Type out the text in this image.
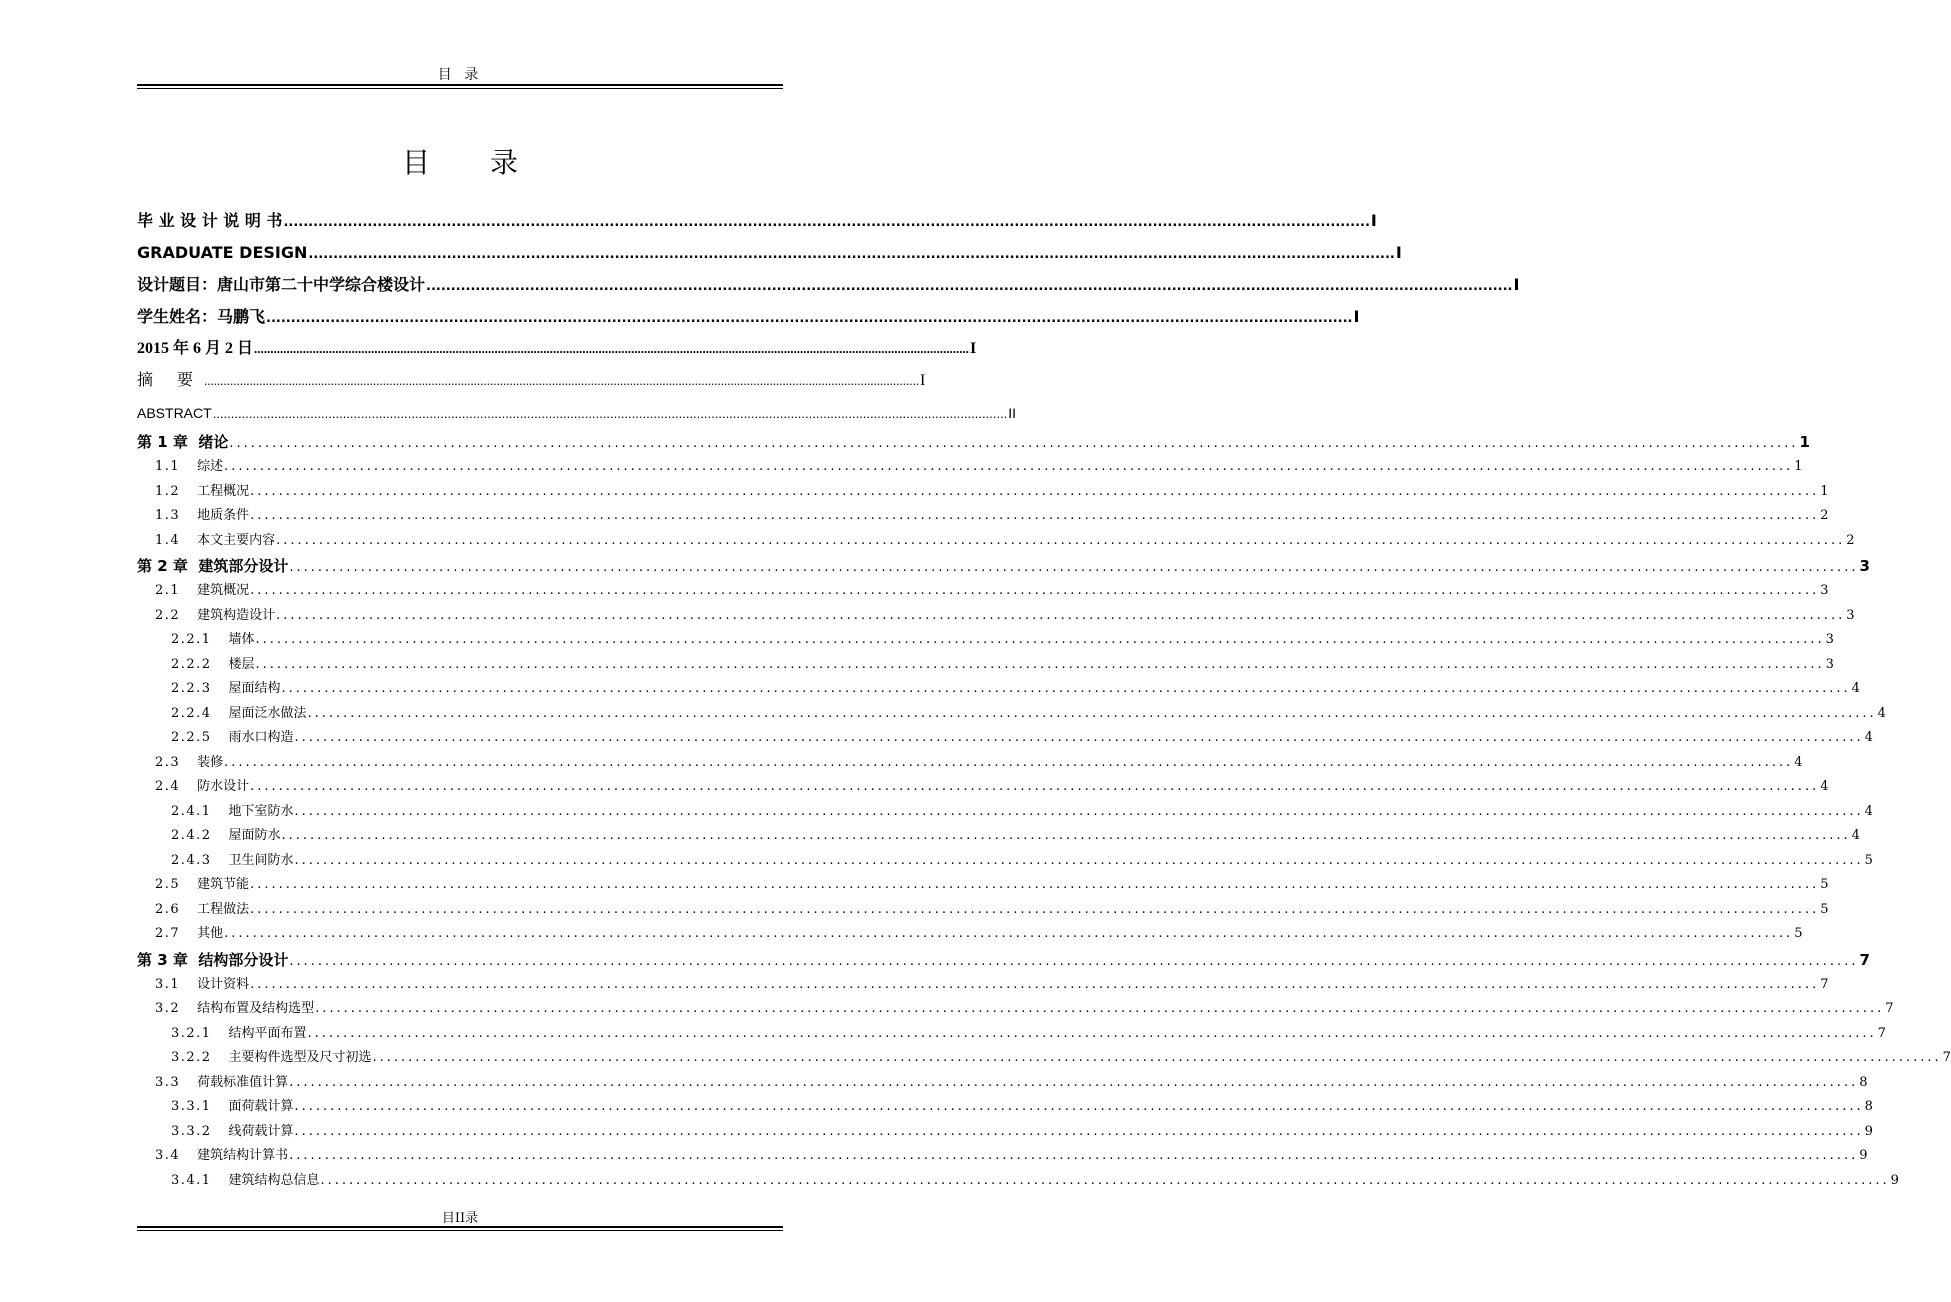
目 录
目 录
毕 业 设 计 说 明 书 ............................................................................................................................................................................................................................ I
GRADUATE DESIGN ............................................................................................................................................................................................................................ I
设计题目：唐山市第二十中学综合楼设计 ............................................................................................................................................................................................................................ I
学生姓名：马鹏飞 ............................................................................................................................................................................................................................ I
2015 年 6 月 2 日 ............................................................................................................................................................................................................................ I
摘 要 ............................................................................................................................................................................................................................ I
ABSTRACT ............................................................................................................................................................................................................................ II
第 1 章 绪论 ............................................................................................................................................................................................................................ 1
1.1 综述 ............................................................................................................................................................................................................................ 1
1.2 工程概况 ............................................................................................................................................................................................................................ 1
1.3 地质条件 ............................................................................................................................................................................................................................ 2
1.4 本文主要内容 ............................................................................................................................................................................................................................ 2
第 2 章 建筑部分设计 ............................................................................................................................................................................................................................ 3
2.1 建筑概况 ............................................................................................................................................................................................................................ 3
2.2 建筑构造设计 ............................................................................................................................................................................................................................ 3
2.2.1 墙体 ............................................................................................................................................................................................................................ 3
2.2.2 楼层 ............................................................................................................................................................................................................................ 3
2.2.3 屋面结构 ............................................................................................................................................................................................................................ 4
2.2.4 屋面泛水做法 ............................................................................................................................................................................................................................ 4
2.2.5 雨水口构造 ............................................................................................................................................................................................................................ 4
2.3 装修 ............................................................................................................................................................................................................................ 4
2.4 防水设计 ............................................................................................................................................................................................................................ 4
2.4.1 地下室防水 ............................................................................................................................................................................................................................ 4
2.4.2 屋面防水 ............................................................................................................................................................................................................................ 4
2.4.3 卫生间防水 ............................................................................................................................................................................................................................ 5
2.5 建筑节能 ............................................................................................................................................................................................................................ 5
2.6 工程做法 ............................................................................................................................................................................................................................ 5
2.7 其他 ............................................................................................................................................................................................................................ 5
第 3 章 结构部分设计 ............................................................................................................................................................................................................................ 7
3.1 设计资料 ............................................................................................................................................................................................................................ 7
3.2 结构布置及结构选型 ............................................................................................................................................................................................................................ 7
3.2.1 结构平面布置 ............................................................................................................................................................................................................................ 7
3.2.2 主要构件选型及尺寸初选 ............................................................................................................................................................................................................................ 7
3.3 荷载标准值计算 ............................................................................................................................................................................................................................ 8
3.3.1 面荷载计算 ............................................................................................................................................................................................................................ 8
3.3.2 线荷载计算 ............................................................................................................................................................................................................................ 9
3.4 建筑结构计算书 ............................................................................................................................................................................................................................ 9
3.4.1 建筑结构总信息 ............................................................................................................................................................................................................................ 9
目II录
